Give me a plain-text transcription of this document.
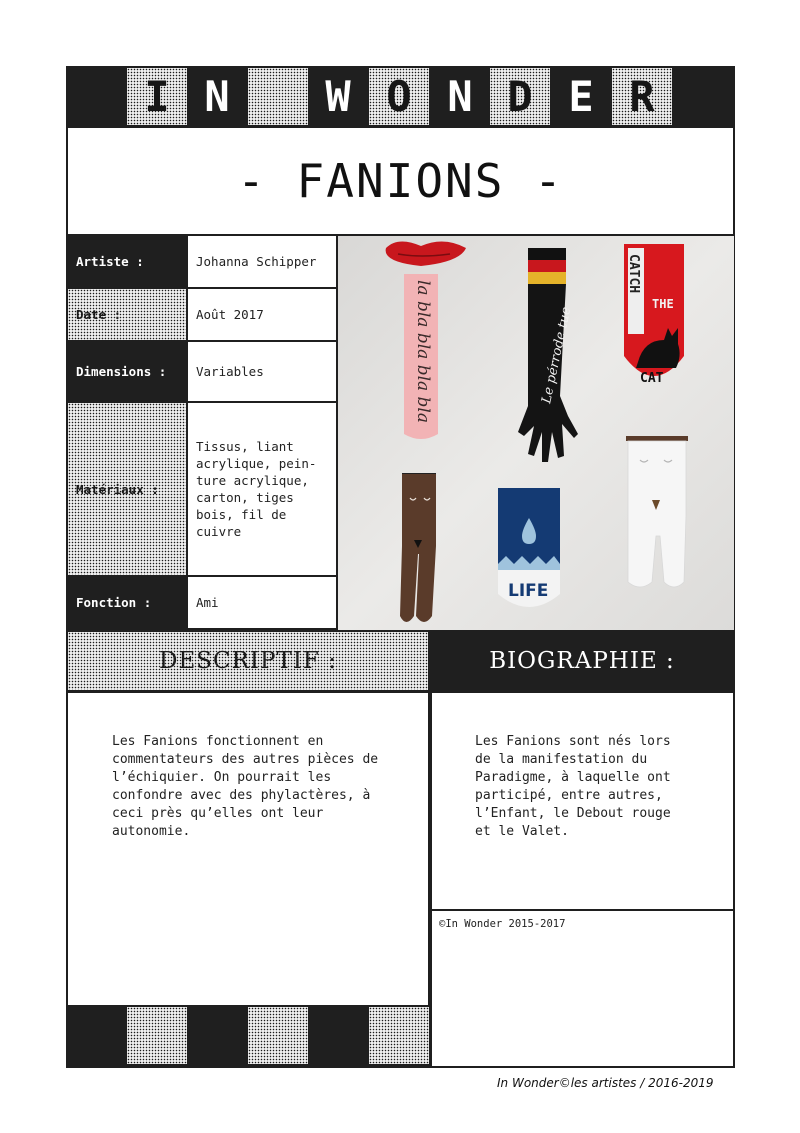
I N	W O N D E R
- FANIONS -
Artiste :	Johanna Schipper
Date :	Août 2017
Dimensions :	Variables
Matériaux :
Tissus, liant acrylique, pein-ture acrylique, carton, tiges bois, fil de cuivre
Fonction :	Ami
la bla bla bla bla	Le pérrode tue
CATCH
THE
CAT
LIFE
DESCRIPTIF :	BIOGRAPHIE :
Les Fanions fonctionnent en commentateurs des autres pièces de l’échiquier. On pourrait les confondre avec des phylactères, à ceci près qu’elles ont leur autonomie.
Les Fanions sont nés lors de la manifestation du Paradigme, à laquelle ont participé, entre autres, l’Enfant, le Debout rouge et le Valet.
©In Wonder 2015-2017
In Wonder©les artistes / 2016-2019
